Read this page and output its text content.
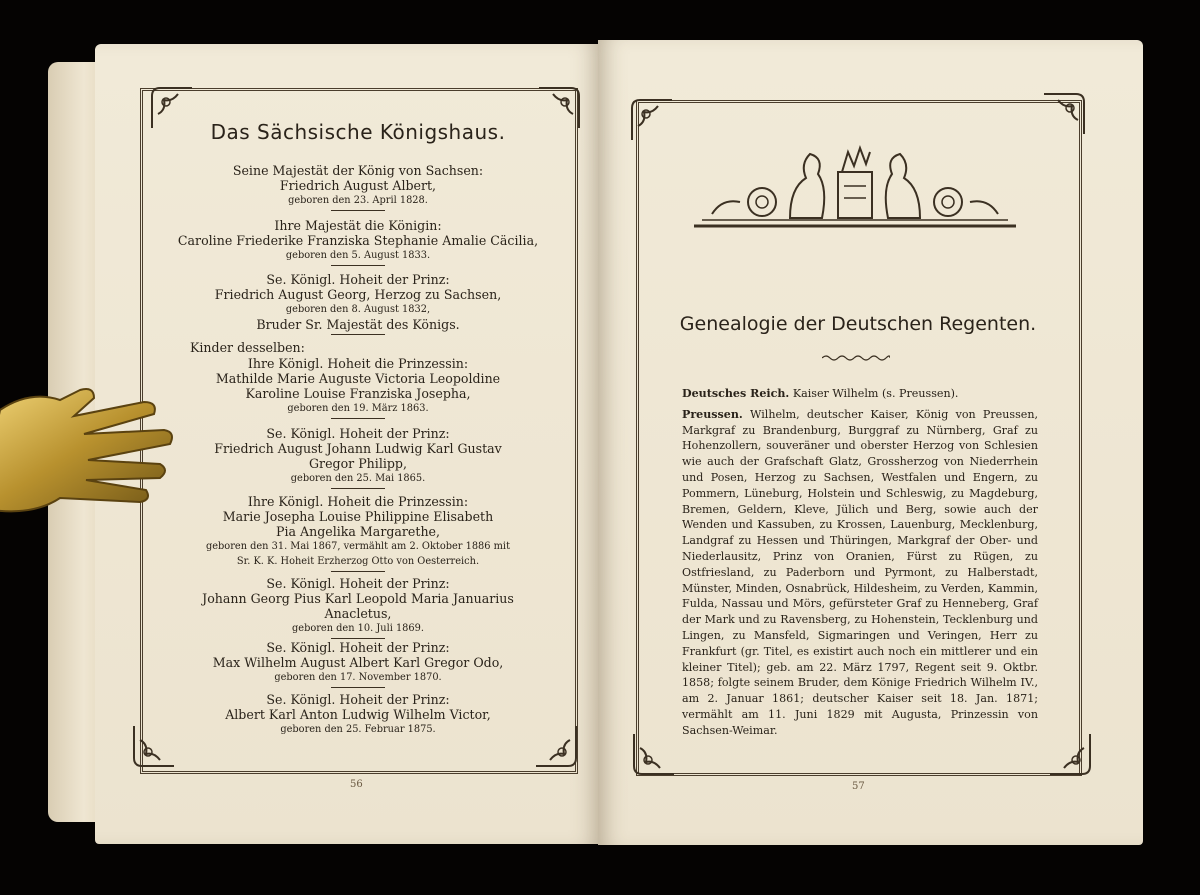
Das Sächsische Königshaus.
Seine Majestät der König von Sachsen:
Friedrich August Albert,
geboren den 23. April 1828.
Ihre Majestät die Königin:
Caroline Friederike Franziska Stephanie Amalie Cäcilia,
geboren den 5. August 1833.
Se. Königl. Hoheit der Prinz:
Friedrich August Georg, Herzog zu Sachsen,
geboren den 8. August 1832,
Bruder Sr. Majestät des Königs.
Kinder desselben:
Ihre Königl. Hoheit die Prinzessin:
Mathilde Marie Auguste Victoria Leopoldine
Karoline Louise Franziska Josepha,
geboren den 19. März 1863.
Se. Königl. Hoheit der Prinz:
Friedrich August Johann Ludwig Karl Gustav
Gregor Philipp,
geboren den 25. Mai 1865.
Ihre Königl. Hoheit die Prinzessin:
Marie Josepha Louise Philippine Elisabeth
Pia Angelika Margarethe,
geboren den 31. Mai 1867, vermählt am 2. Oktober 1886 mit
Sr. K. K. Hoheit Erzherzog Otto von Oesterreich.
Se. Königl. Hoheit der Prinz:
Johann Georg Pius Karl Leopold Maria Januarius
Anacletus,
geboren den 10. Juli 1869.
Se. Königl. Hoheit der Prinz:
Max Wilhelm August Albert Karl Gregor Odo,
geboren den 17. November 1870.
Se. Königl. Hoheit der Prinz:
Albert Karl Anton Ludwig Wilhelm Victor,
geboren den 25. Februar 1875.
56
Genealogie der Deutschen Regenten.
Deutsches Reich. Kaiser Wilhelm (s. Preussen).
Preussen. Wilhelm, deutscher Kaiser, König von Preussen, Markgraf zu Brandenburg, Burggraf zu Nürnberg, Graf zu Hohenzollern, souveräner und oberster Herzog von Schlesien wie auch der Grafschaft Glatz, Grossherzog von Niederrhein und Posen, Herzog zu Sachsen, Westfalen und Engern, zu Pommern, Lüneburg, Holstein und Schleswig, zu Magdeburg, Bremen, Geldern, Kleve, Jülich und Berg, sowie auch der Wenden und Kassuben, zu Krossen, Lauenburg, Mecklenburg, Landgraf zu Hessen und Thüringen, Markgraf der Ober- und Niederlausitz, Prinz von Oranien, Fürst zu Rügen, zu Ostfriesland, zu Paderborn und Pyrmont, zu Halberstadt, Münster, Minden, Osnabrück, Hildesheim, zu Verden, Kammin, Fulda, Nassau und Mörs, gefürsteter Graf zu Henneberg, Graf der Mark und zu Ravensberg, zu Hohenstein, Tecklenburg und Lingen, zu Mansfeld, Sigmaringen und Veringen, Herr zu Frankfurt (gr. Titel, es existirt auch noch ein mittlerer und ein kleiner Titel); geb. am 22. März 1797, Regent seit 9. Oktbr. 1858; folgte seinem Bruder, dem Könige Friedrich Wilhelm IV., am 2. Januar 1861; deutscher Kaiser seit 18. Jan. 1871; vermählt am 11. Juni 1829 mit Augusta, Prinzessin von Sachsen-Weimar.
57
